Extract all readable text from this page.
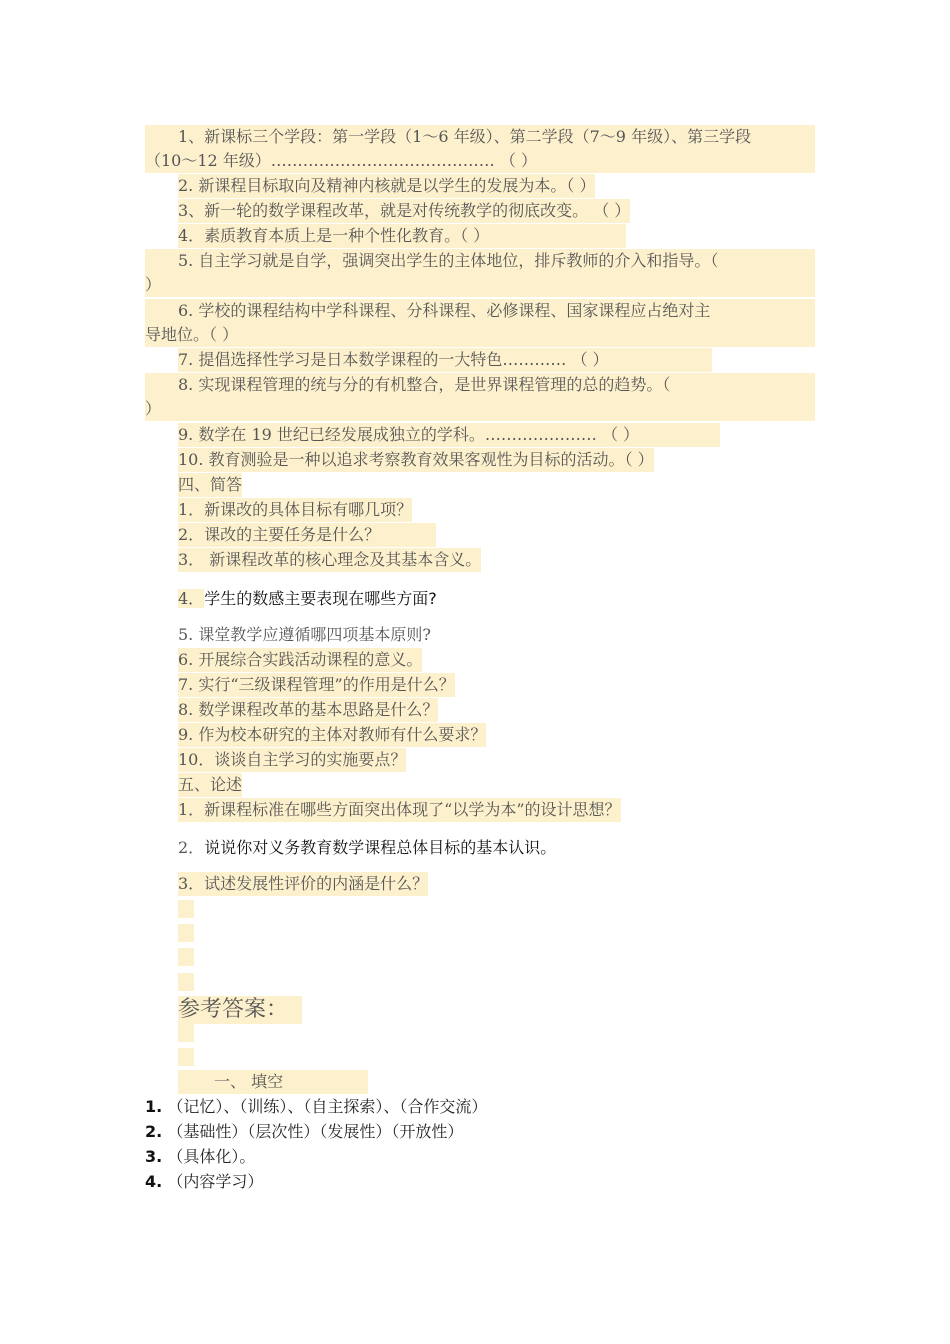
1、新课标三个学段：第一学段（1～6 年级）、第二学段（7～9 年级）、第三学段
（10～12 年级）…………………………………… （ ）
2. 新课程目标取向及精神内核就是以学生的发展为本。（ ）
3、新一轮的数学课程改革，就是对传统教学的彻底改变。 （ ）
4．素质教育本质上是一种个性化教育。（ ）
5. 自主学习就是自学，强调突出学生的主体地位，排斥教师的介入和指导。（
）
6. 学校的课程结构中学科课程、分科课程、必修课程、国家课程应占绝对主
导地位。（ ）
7. 提倡选择性学习是日本数学课程的一大特色………… （ ）
8. 实现课程管理的统与分的有机整合，是世界课程管理的总的趋势。（
）
9. 数学在 19 世纪已经发展成独立的学科。………………… （ ）
10. 教育测验是一种以追求考察教育效果客观性为目标的活动。（ ）
四、简答
1．新课改的具体目标有哪几项？
2．课改的主要任务是什么？
3． 新课程改革的核心理念及其基本含义。
4．学生的数感主要表现在哪些方面?
5. 课堂教学应遵循哪四项基本原则?
6. 开展综合实践活动课程的意义。
7. 实行“三级课程管理”的作用是什么？
8. 数学课程改革的基本思路是什么？
9. 作为校本研究的主体对教师有什么要求？
10．谈谈自主学习的实施要点？
五、论述
1．新课程标准在哪些方面突出体现了“以学为本”的设计思想？
2．说说你对义务教育数学课程总体目标的基本认识。
3．试述发展性评价的内涵是什么？
参考答案：
一、 填空
1. （记忆）、（训练）、（自主探索）、（合作交流）
2. （基础性）（层次性）（发展性）（开放性）
3. （具体化）。
4. （内容学习）
